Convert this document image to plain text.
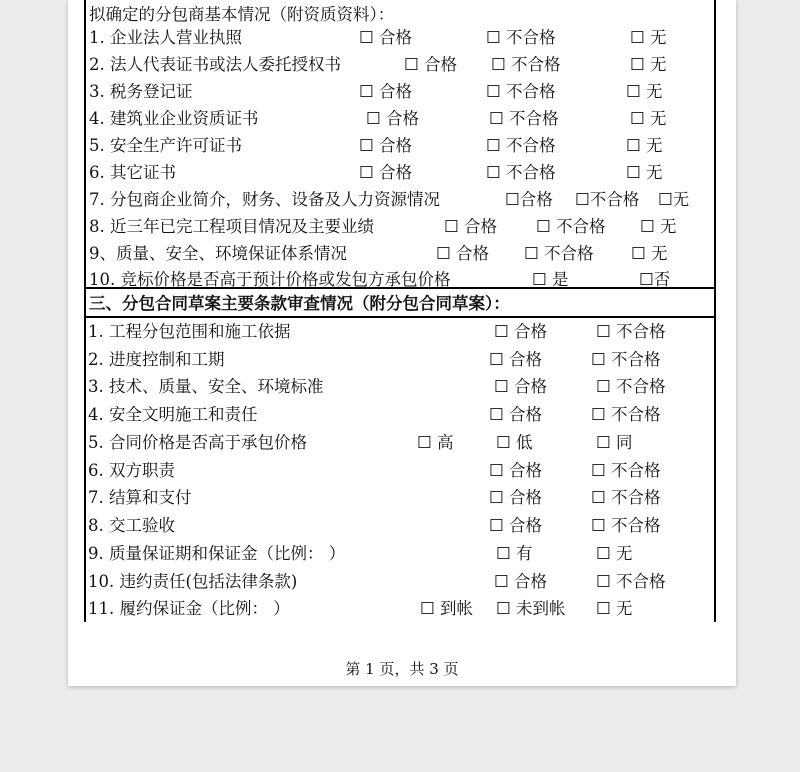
拟确定的分包商基本情况（附资质资料）：
1. 企业法人营业执照	☐ 合格	☐ 不合格	☐ 无
2. 法人代表证书或法人委托授权书	☐ 合格 ☐ 不合格	☐ 无
3. 税务登记证	☐ 合格	☐ 不合格	☐ 无
4. 建筑业企业资质证书	☐ 合格	☐ 不合格	☐ 无
5. 安全生产许可证书	☐ 合格	☐ 不合格	☐ 无
6. 其它证书	☐ 合格	☐ 不合格	☐ 无
7. 分包商企业简介，财务、设备及人力资源情况	☐合格 ☐不合格 ☐无
8. 近三年已完工程项目情况及主要业绩	☐ 合格 ☐ 不合格 ☐ 无
9、质量、安全、环境保证体系情况	☐ 合格 ☐ 不合格 ☐ 无
10. 竞标价格是否高于预计价格或发包方承包价格	☐ 是	☐否
三、分包合同草案主要条款审查情况（附分包合同草案）：
1. 工程分包范围和施工依据	☐ 合格	☐ 不合格
2. 进度控制和工期	☐ 合格	☐ 不合格
3. 技术、质量、安全、环境标准	☐ 合格	☐ 不合格
4. 安全文明施工和责任	☐ 合格	☐ 不合格
5. 合同价格是否高于承包价格	☐ 高	☐ 低	☐ 同
6. 双方职责	☐ 合格	☐ 不合格
7. 结算和支付	☐ 合格	☐ 不合格
8. 交工验收	☐ 合格	☐ 不合格
9. 质量保证期和保证金（比例： ）	☐ 有	☐ 无
10. 违约责任(包括法律条款)	☐ 合格	☐ 不合格
11. 履约保证金（比例： ）	☐ 到帐 ☐ 未到帐 ☐ 无
第 1 页，共 3 页
